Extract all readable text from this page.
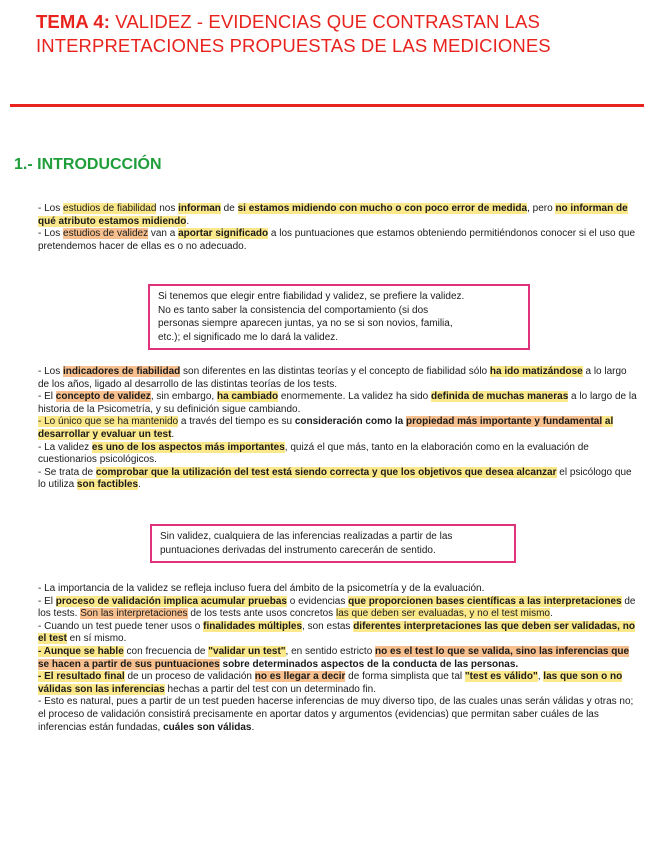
TEMA 4: VALIDEZ - EVIDENCIAS QUE CONTRASTAN LAS INTERPRETACIONES PROPUESTAS DE LAS MEDICIONES
1.- INTRODUCCIÓN

- Los estudios de fiabilidad nos informan de si estamos midiendo con mucho o con poco error de medida, pero no informan de qué atributo estamos midiendo.

- Los estudios de validez van a aportar significado a los puntuaciones que estamos obteniendo permitiéndonos conocer si el uso que pretendemos hacer de ellas es o no adecuado.

Si tenemos que elegir entre fiabilidad y validez, se prefiere la validez.

No es tanto saber la consistencia del comportamiento (si dos

personas siempre aparecen juntas, ya no se si son novios, familia,

etc.); el significado me lo dará la validez.

- Los indicadores de fiabilidad son diferentes en las distintas teorías y el concepto de fiabilidad sólo ha ido matizándose a lo largo de los años, ligado al desarrollo de las distintas teorías de los tests.

- El concepto de validez, sin embargo, ha cambiado enormemente. La validez ha sido definida de muchas maneras a lo largo de la historia de la Psicometría, y su definición sigue cambiando.

- Lo único que se ha mantenido a través del tiempo es su consideración como la propiedad más importante y fundamental al desarrollar y evaluar un test.

- La validez es uno de los aspectos más importantes, quizá el que más, tanto en la elaboración como en la evaluación de cuestionarios psicológicos.

- Se trata de comprobar que la utilización del test está siendo correcta y que los objetivos que desea alcanzar el psicólogo que lo utiliza son factibles.

Sin validez, cualquiera de las inferencias realizadas a partir de las

puntuaciones derivadas del instrumento carecerán de sentido.

- La importancia de la validez se refleja incluso fuera del ámbito de la psicometría y de la evaluación.

- El proceso de validación implica acumular pruebas o evidencias que proporcionen bases científicas a las interpretaciones de los tests. Son las interpretaciones de los tests ante usos concretos las que deben ser evaluadas, y no el test mismo.

- Cuando un test puede tener usos o finalidades múltiples, son estas diferentes interpretaciones las que deben ser validadas, no el test en sí mismo.

- Aunque se hable con frecuencia de "validar un test", en sentido estricto no es el test lo que se valida, sino las inferencias que se hacen a partir de sus puntuaciones sobre determinados aspectos de la conducta de las personas.

- El resultado final de un proceso de validación no es llegar a decir de forma simplista que tal "test es válido", las que son o no válidas son las inferencias hechas a partir del test con un determinado fin.

- Esto es natural, pues a partir de un test pueden hacerse inferencias de muy diverso tipo, de las cuales unas serán válidas y otras no; el proceso de validación consistirá precisamente en aportar datos y argumentos (evidencias) que permitan saber cuáles de las inferencias están fundadas, cuáles son válidas.
